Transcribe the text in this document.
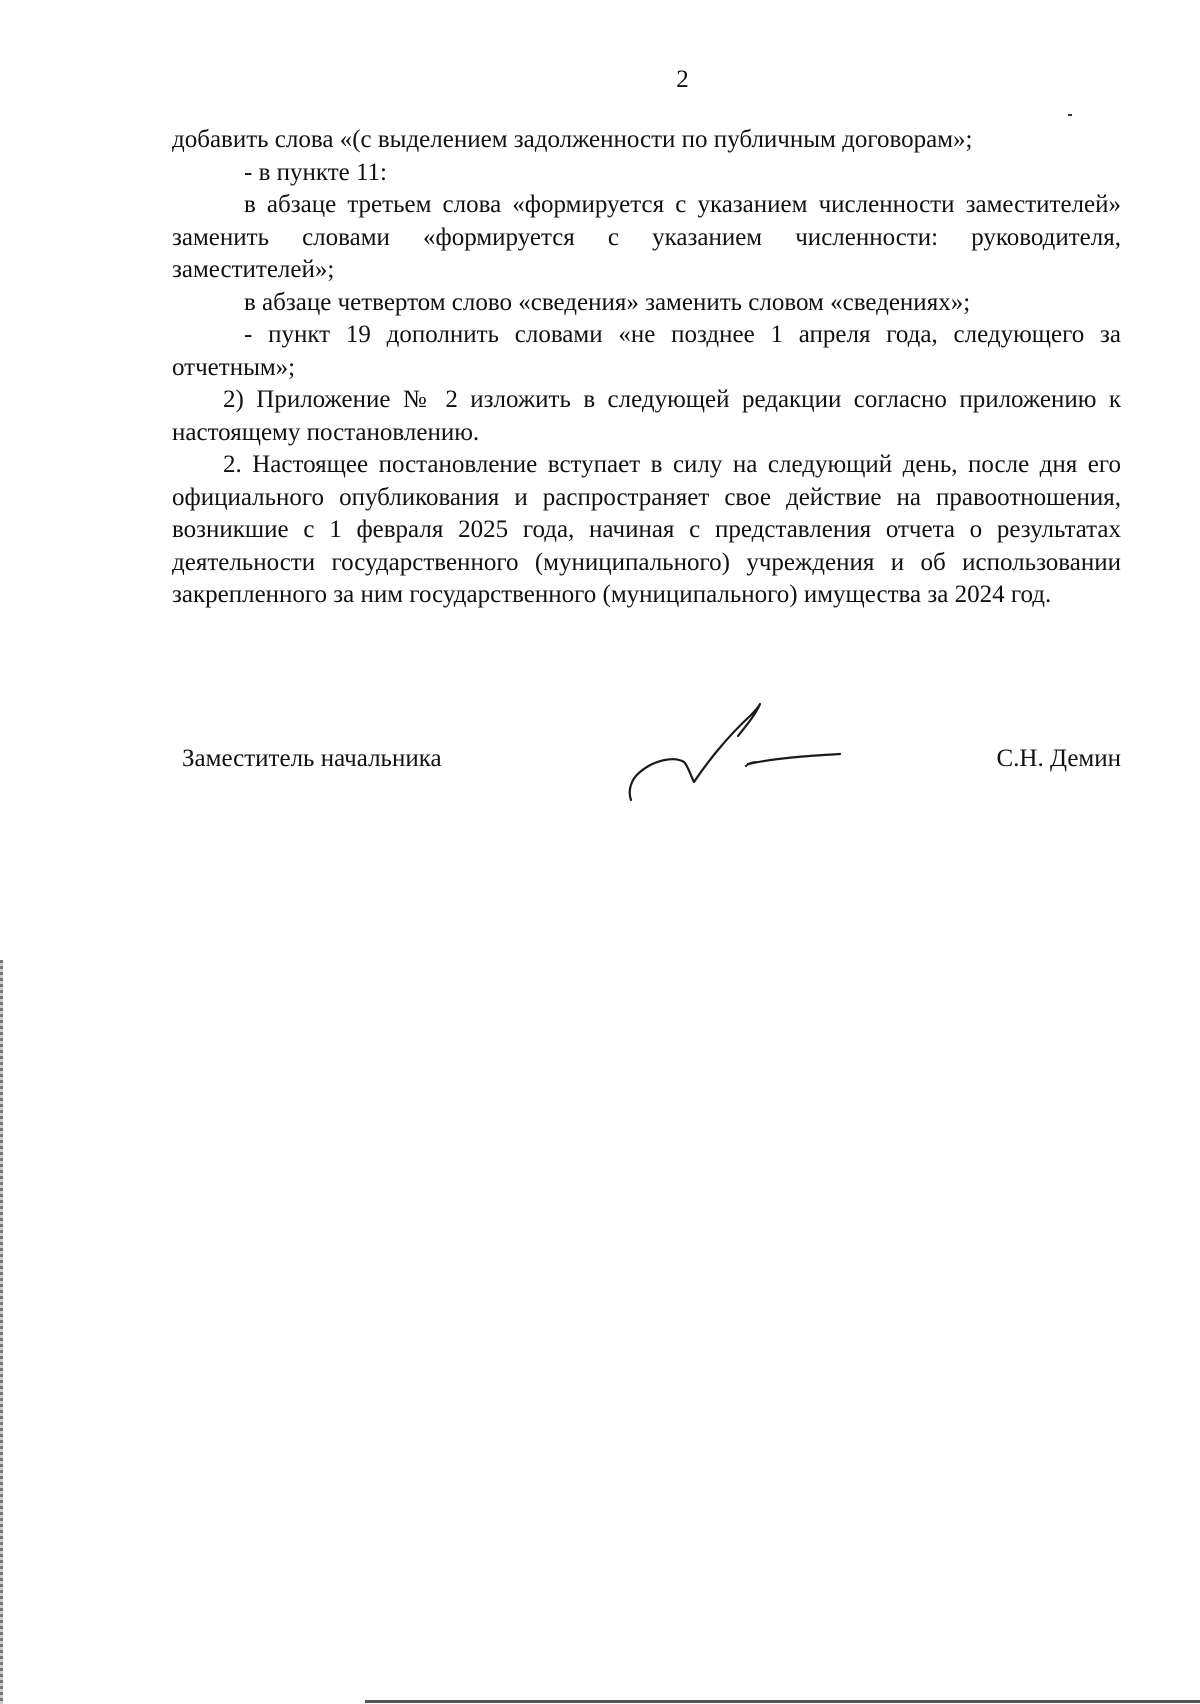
2

добавить слова «(с выделением задолженности по публичным договорам»;

- в пункте 11:

в абзаце третьем слова «формируется с указанием численности заместителей» заменить словами «формируется с указанием численности: руководителя, заместителей»;

в абзаце четвертом слово «сведения» заменить словом «сведениях»;

- пункт 19 дополнить словами «не позднее 1 апреля года, следующего за отчетным»;

2) Приложение № 2 изложить в следующей редакции согласно приложению к настоящему постановлению.

2. Настоящее постановление вступает в силу на следующий день, после дня его официального опубликования и распространяет свое действие на правоотношения, возникшие с 1 февраля 2025 года, начиная с представления отчета о результатах деятельности государственного (муниципального) учреждения и об использовании закрепленного за ним государственного (муниципального) имущества за 2024 год.

Заместитель начальника	С.Н. Демин
